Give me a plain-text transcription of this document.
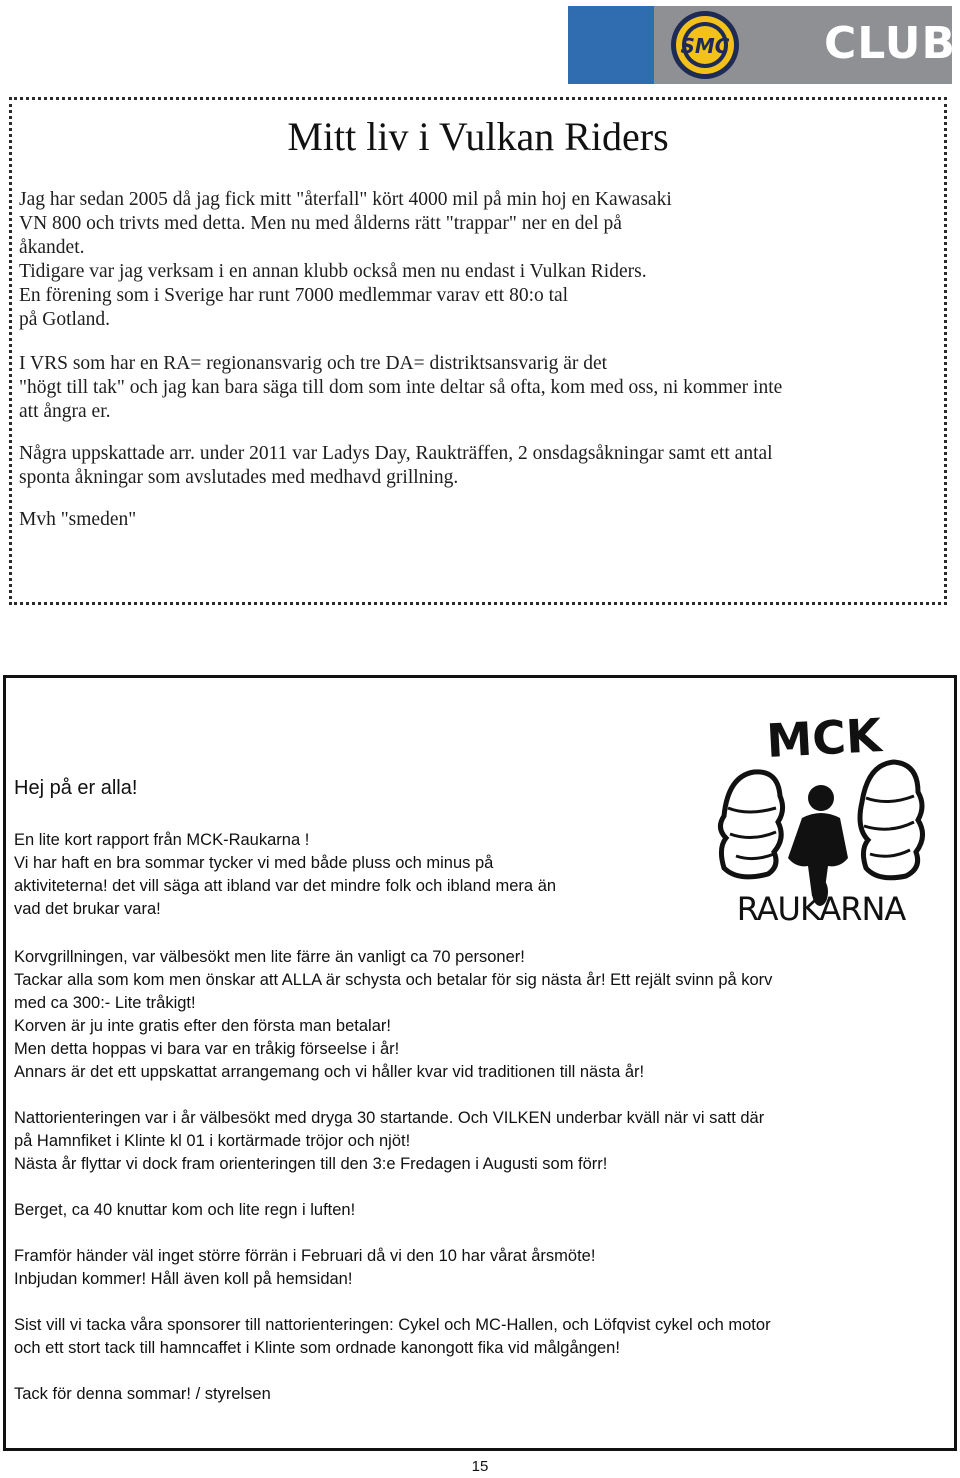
SMC CLUB
Mitt liv i Vulkan Riders

Jag har sedan 2005 då jag fick mitt "återfall" kört 4000 mil på min hoj en Kawasaki

VN 800 och trivts med detta. Men nu med ålderns rätt "trappar" ner en del på

åkandet.

Tidigare var jag verksam i en annan klubb också men nu endast i Vulkan Riders.

En förening som i Sverige har runt 7000 medlemmar varav ett 80:o tal

på Gotland.

I VRS som har en RA= regionansvarig och tre DA= distriktsansvarig är det

"högt till tak" och jag kan bara säga till dom som inte deltar så ofta, kom med oss, ni kommer inte

att ångra er.

Några uppskattade arr. under 2011 var Ladys Day, Raukträffen, 2 onsdagsåkningar samt ett antal

sponta åkningar som avslutades med medhavd grillning.

Mvh "smeden"

MCK
RAUKARNA
Hej på er alla!

En lite kort rapport från MCK-Raukarna !

Vi har haft en bra sommar tycker vi med både pluss och minus på

aktiviteterna! det vill säga att ibland var det mindre folk och ibland mera än

vad det brukar vara!

Korvgrillningen, var välbesökt men lite färre än vanligt ca 70 personer!

Tackar alla som kom men önskar att ALLA är schysta och betalar för sig nästa år! Ett rejält svinn på korv

med ca 300:- Lite tråkigt!

Korven är ju inte gratis efter den första man betalar!

Men detta hoppas vi bara var en tråkig förseelse i år!

Annars är det ett uppskattat arrangemang och vi håller kvar vid traditionen till nästa år!

Nattorienteringen var i år välbesökt med dryga 30 startande. Och VILKEN underbar kväll när vi satt där

på Hamnfiket i Klinte kl 01 i kortärmade tröjor och njöt!

Nästa år flyttar vi dock fram orienteringen till den 3:e Fredagen i Augusti som förr!

Berget, ca 40 knuttar kom och lite regn i luften!

Framför händer väl inget större förrän i Februari då vi den 10 har vårat årsmöte!

Inbjudan kommer! Håll även koll på hemsidan!

Sist vill vi tacka våra sponsorer till nattorienteringen: Cykel och MC-Hallen, och Löfqvist cykel och motor

och ett stort tack till hamncaffet i Klinte som ordnade kanongott fika vid målgången!

Tack för denna sommar! / styrelsen

15
